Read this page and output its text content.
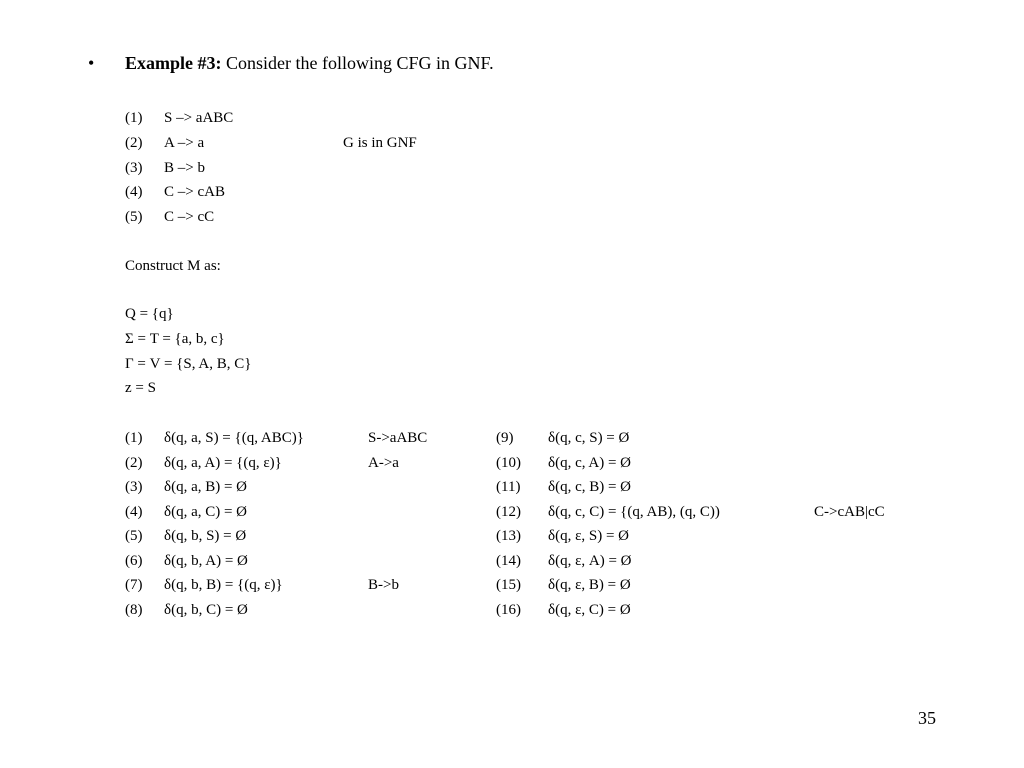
• Example #3: Consider the following CFG in GNF.
(1) S –> aABC
(2) A –> a	G is in GNF
(3) B –> b
(4) C –> cAB
(5) C –> cC
Construct M as:
Q = {q}
Σ = T = {a, b, c}
Γ = V = {S, A, B, C}
z = S
(1) δ(q, a, S) = {(q, ABC)}	S->aABC
(2) δ(q, a, A) = {(q, ε)}	A->a
(3) δ(q, a, B) = Ø
(4) δ(q, a, C) = Ø
(5) δ(q, b, S) = Ø
(6) δ(q, b, A) = Ø
(7) δ(q, b, B) = {(q, ε)}	B->b
(8) δ(q, b, C) = Ø
(9) δ(q, c, S) = Ø
(10) δ(q, c, A) = Ø
(11) δ(q, c, B) = Ø
(12) δ(q, c, C) = {(q, AB), (q, C))	C->cAB|cC
(13) δ(q, ε, S) = Ø
(14) δ(q, ε, A) = Ø
(15) δ(q, ε, B) = Ø
(16) δ(q, ε, C) = Ø
35
